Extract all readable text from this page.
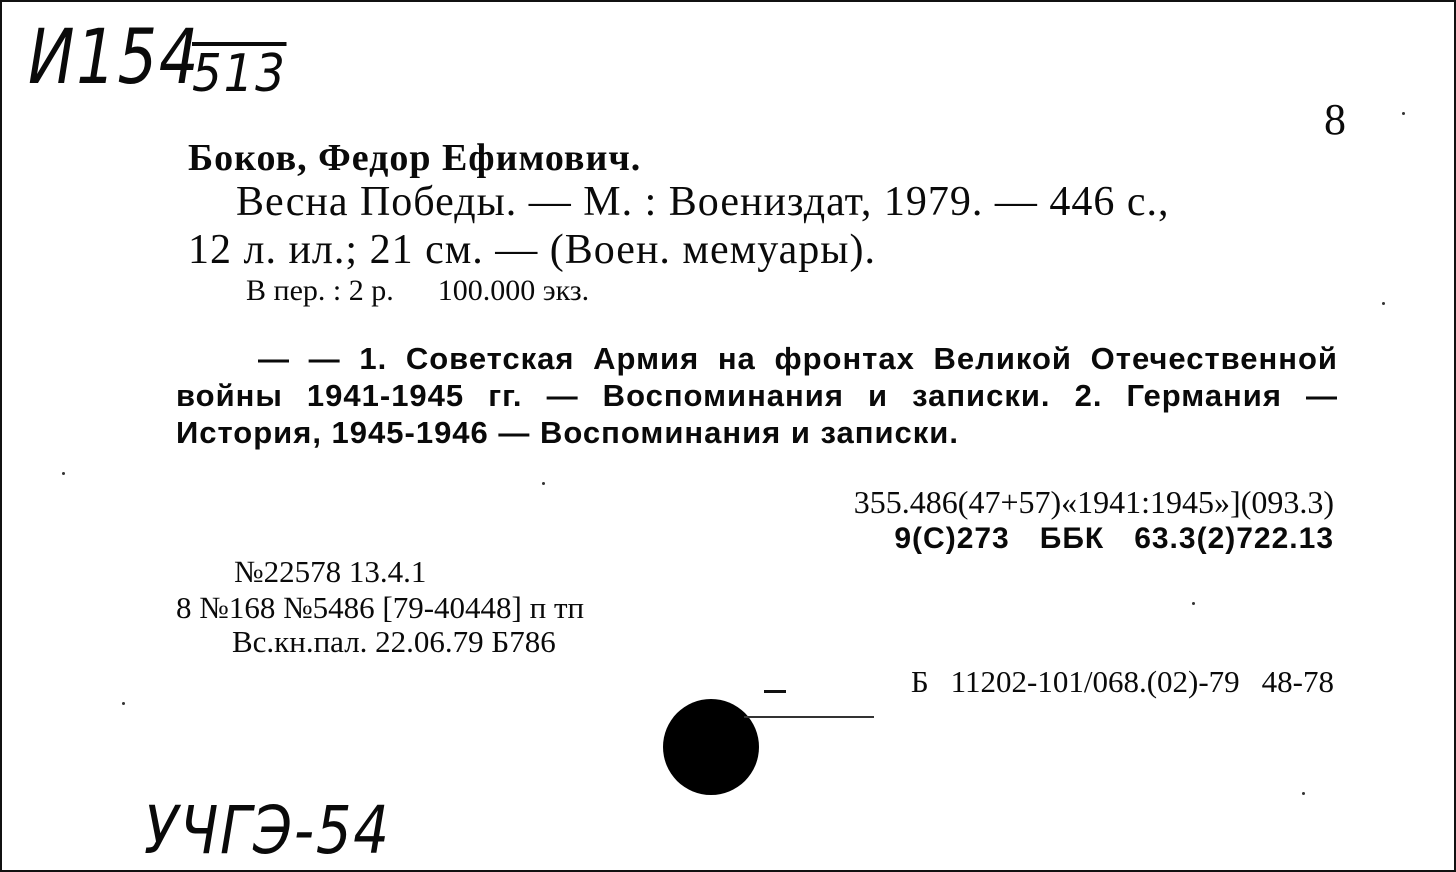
И154
513
8
Боков, Федор Ефимович.
Весна Победы. — М. : Воениздат, 1979. — 446 с.,
12 л. ил.; 21 см. — (Воен. мемуары).
В пер. : 2 р. 100.000 экз.
— — 1. Советская Армия на фронтах Великой Отечественной войны 1941-1945 гг. — Воспоминания и записки. 2. Германия — История, 1945-1946 — Воспоминания и записки.
355.486(47+57)«1941:1945»](093.3)
9(С)273 ББК 63.3(2)722.13
№22578 13.4.1
8 №168 №5486 [79-40448] п тп
Вс.кн.пал. 22.06.79 Б786
Б 11202-101/068.(02)-79 48-78
УЧГЭ-54
